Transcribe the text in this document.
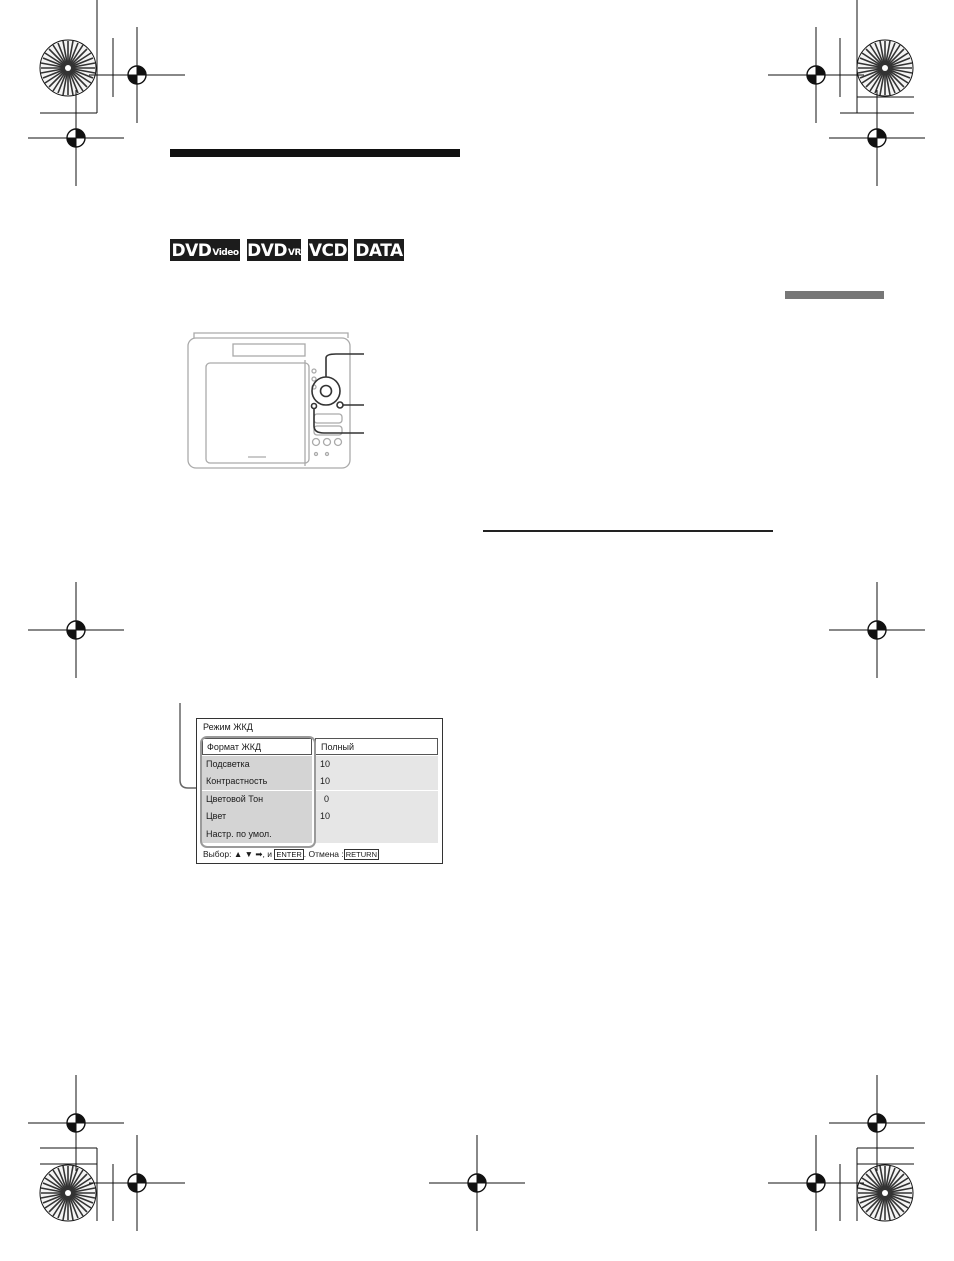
DVD Video DVD VR VCD DATA
Режим ЖКД
Формат ЖКД	Полный
Подсветка	10
Контрастность	10
Цветовой Тон	0
Цвет	10
Настр. по умол.
Выбор: ▲ ▼ ➡, и ENTER . Отмена : RETURN
